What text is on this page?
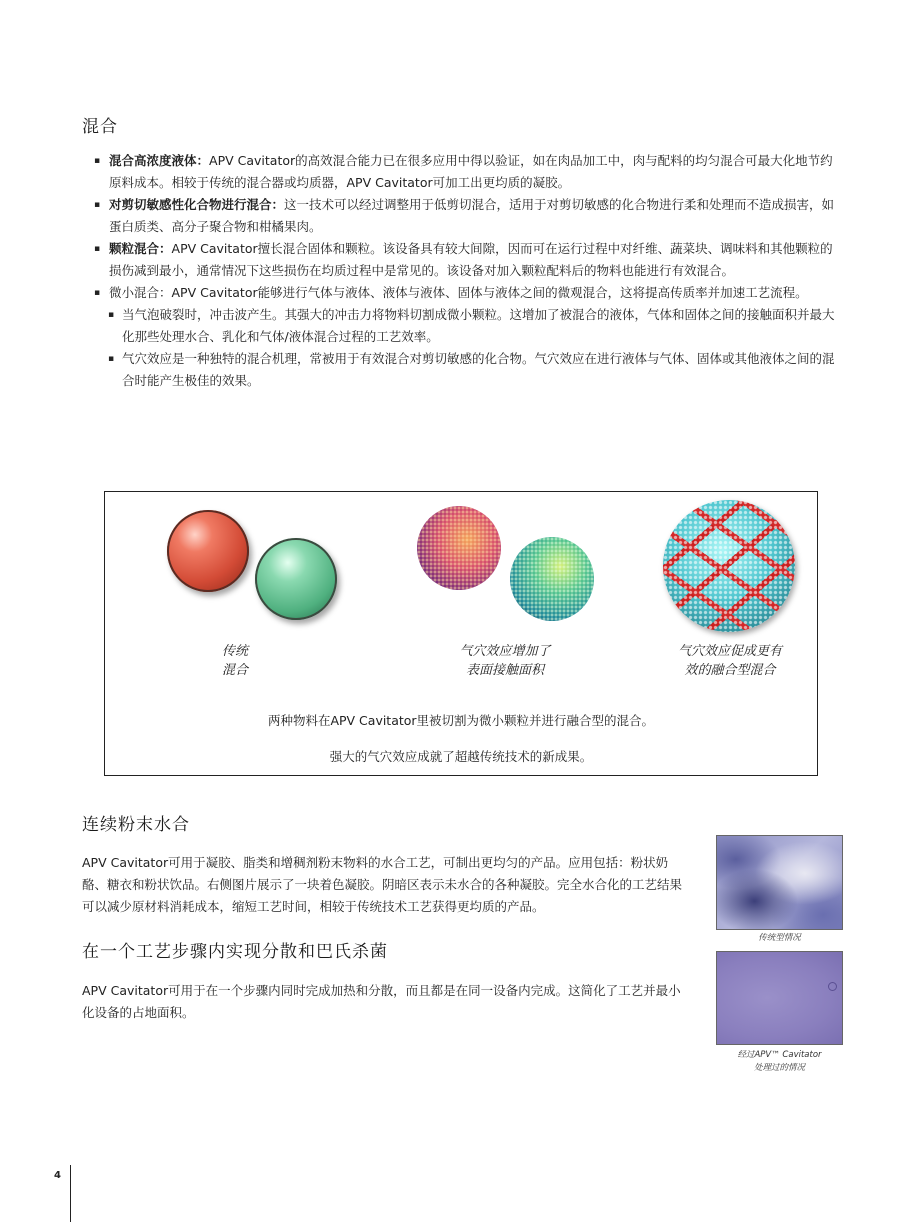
混合
▪ 混合高浓度液体：APV Cavitator的高效混合能力已在很多应用中得以验证，如在肉品加工中，肉与配料的均匀混合可最大化地节约原料成本。相较于传统的混合器或均质器，APV Cavitator可加工出更均质的凝胶。
▪ 对剪切敏感性化合物进行混合：这一技术可以经过调整用于低剪切混合，适用于对剪切敏感的化合物进行柔和处理而不造成损害，如蛋白质类、高分子聚合物和柑橘果肉。
▪ 颗粒混合：APV Cavitator擅长混合固体和颗粒。该设备具有较大间隙，因而可在运行过程中对纤维、蔬菜块、调味料和其他颗粒的损伤减到最小，通常情况下这些损伤在均质过程中是常见的。该设备对加入颗粒配料后的物料也能进行有效混合。
▪ 微小混合：APV Cavitator能够进行气体与液体、液体与液体、固体与液体之间的微观混合，这将提高传质率并加速工艺流程。
▪ 当气泡破裂时，冲击波产生。其强大的冲击力将物料切割成微小颗粒。这增加了被混合的液体，气体和固体之间的接触面积并最大化那些处理水合、乳化和气体/液体混合过程的工艺效率。
▪ 气穴效应是一种独特的混合机理，常被用于有效混合对剪切敏感的化合物。气穴效应在进行液体与气体、固体或其他液体之间的混合时能产生极佳的效果。
传统
混合
气穴效应增加了
表面接触面积
气穴效应促成更有
效的融合型混合
两种物料在APV Cavitator里被切割为微小颗粒并进行融合型的混合。
强大的气穴效应成就了超越传统技术的新成果。
连续粉末水合

APV Cavitator可用于凝胶、脂类和增稠剂粉末物料的水合工艺，可制出更均匀的产品。应用包括：粉状奶酪、糖衣和粉状饮品。右侧图片展示了一块着色凝胶。阴暗区表示未水合的各种凝胶。完全水合化的工艺结果可以减少原材料消耗成本，缩短工艺时间，相较于传统技术工艺获得更均质的产品。

在一个工艺步骤内实现分散和巴氏杀菌

APV Cavitator可用于在一个步骤内同时完成加热和分散，而且都是在同一设备内完成。这简化了工艺并最小化设备的占地面积。

传统型情况
经过APV™ Cavitator
处理过的情况
4
